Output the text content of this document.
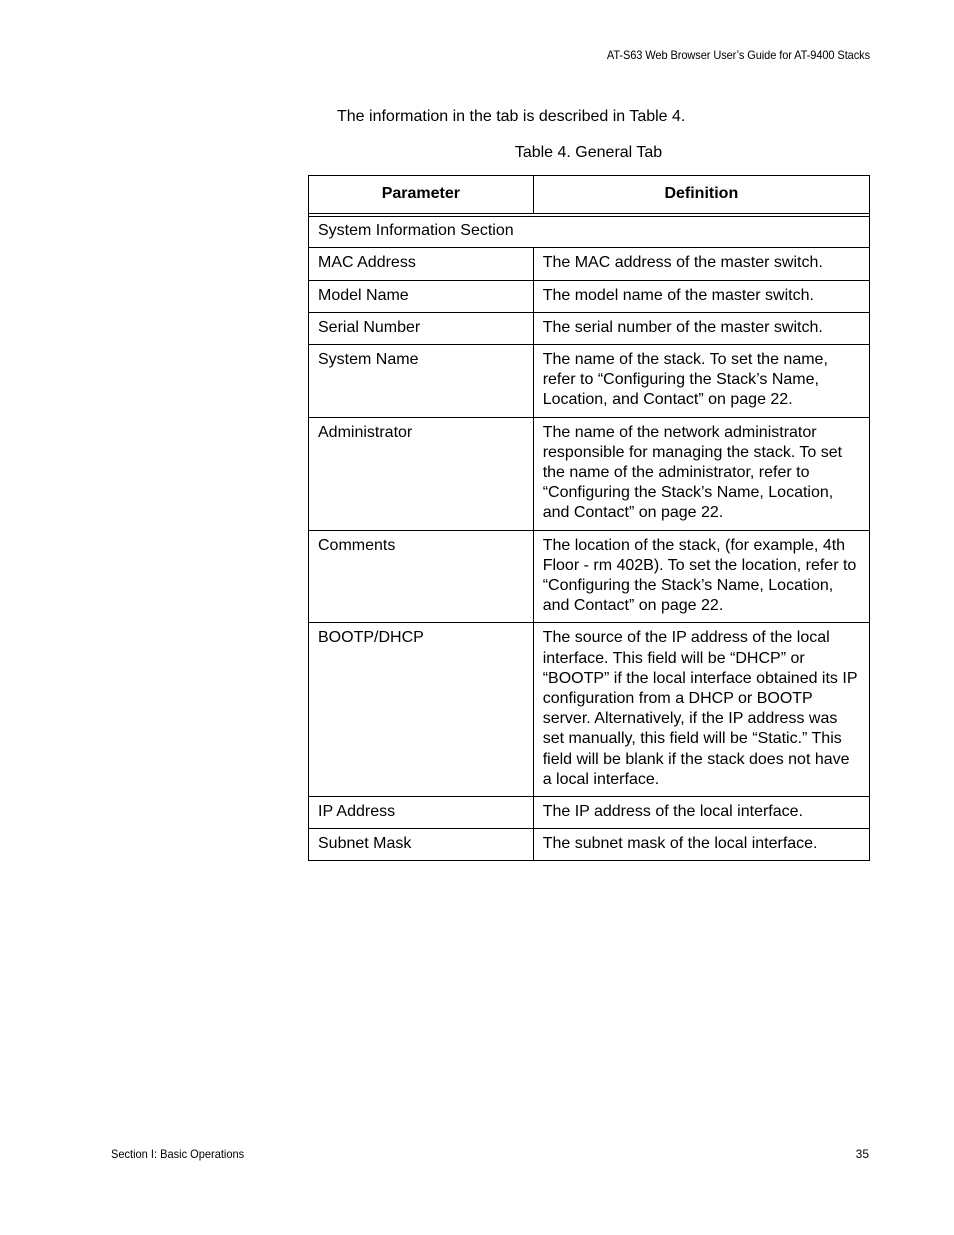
AT-S63 Web Browser User’s Guide for AT-9400 Stacks

The information in the tab is described in Table 4.

Table 4. General Tab
Parameter	Definition

System Information Section	
MAC Address	The MAC address of the master switch.
Model Name	The model name of the master switch.
Serial Number	The serial number of the master switch.
System Name	The name of the stack. To set the name, refer to “Configuring the Stack’s Name, Location, and Contact” on page 22.
Administrator	The name of the network administrator responsible for managing the stack. To set the name of the administrator, refer to “Configuring the Stack’s Name, Location, and Contact” on page 22.
Comments	The location of the stack, (for example, 4th Floor - rm 402B). To set the location, refer to “Configuring the Stack’s Name, Location, and Contact” on page 22.
BOOTP/DHCP	The source of the IP address of the local interface. This field will be “DHCP” or “BOOTP” if the local interface obtained its IP configuration from a DHCP or BOOTP server. Alternatively, if the IP address was set manually, this field will be “Static.” This field will be blank if the stack does not have a local interface.
IP Address	The IP address of the local interface.
Subnet Mask	The subnet mask of the local interface.
Section I: Basic Operations	35
